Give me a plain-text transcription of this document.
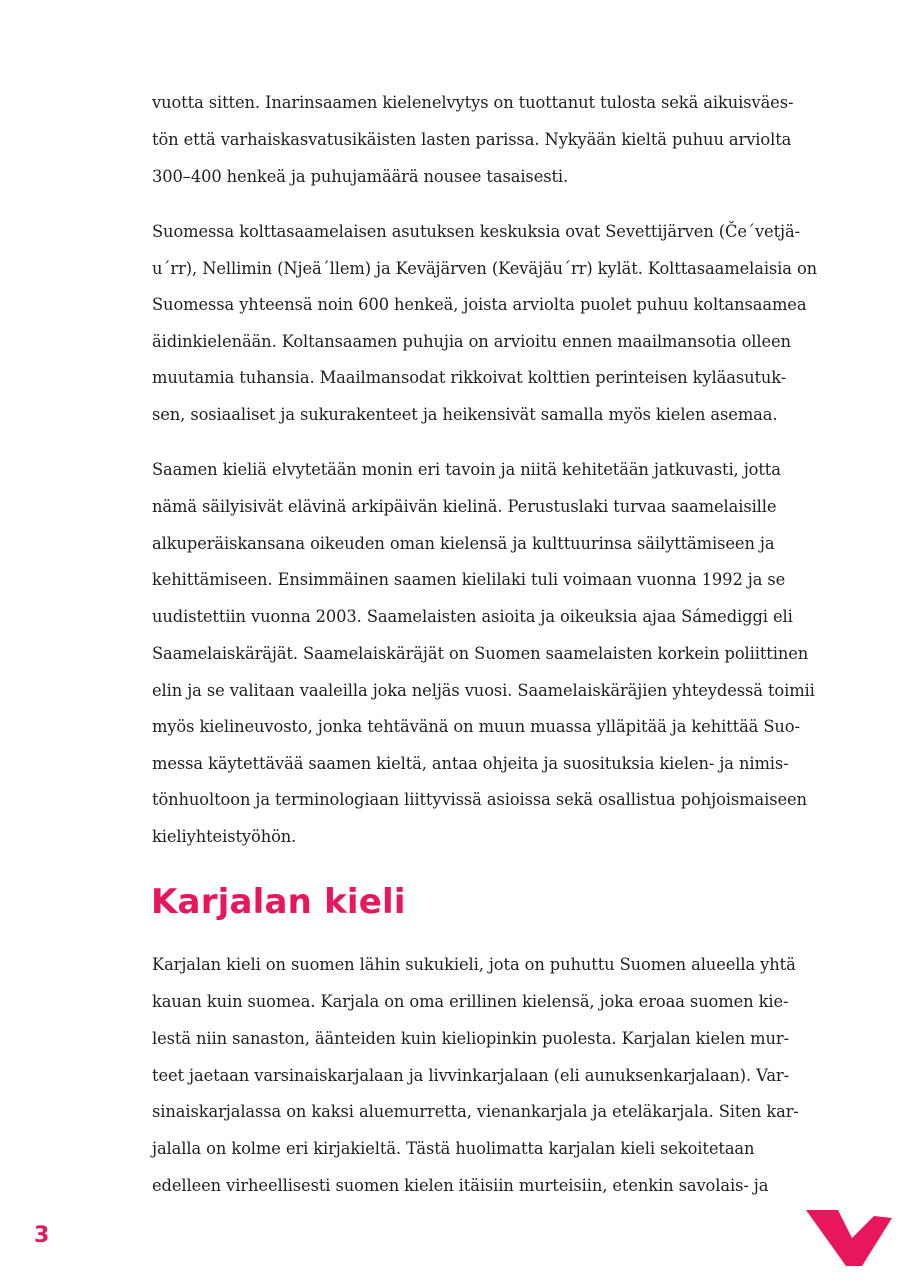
vuotta sitten. Inarinsaamen kielenelvytys on tuottanut tulosta sekä aikuisväes-
tön että varhaiskasvatusikäisten lasten parissa. Nykyään kieltä puhuu arviolta
300–400 henkeä ja puhujamäärä nousee tasaisesti.
Suomessa kolttasaamelaisen asutuksen keskuksia ovat Sevettijärven (Čeˊvetjä-
uˊrr), Nellimin (Njeäˊllem) ja Keväjärven (Keväjäuˊrr) kylät. Kolttasaamelaisia on
Suomessa yhteensä noin 600 henkeä, joista arviolta puolet puhuu koltansaamea
äidinkielenään. Koltansaamen puhujia on arvioitu ennen maailmansotia olleen
muutamia tuhansia. Maailmansodat rikkoivat kolttien perinteisen kyläasutuk-
sen, sosiaaliset ja sukurakenteet ja heikensivät samalla myös kielen asemaa.
Saamen kieliä elvytetään monin eri tavoin ja niitä kehitetään jatkuvasti, jotta
nämä säilyisivät elävinä arkipäivän kielinä. Perustuslaki turvaa saamelaisille
alkuperäiskansana oikeuden oman kielensä ja kulttuurinsa säilyttämiseen ja
kehittämiseen. Ensimmäinen saamen kielilaki tuli voimaan vuonna 1992 ja se
uudistettiin vuonna 2003. Saamelaisten asioita ja oikeuksia ajaa Sámediggi eli
Saamelaiskäräjät. Saamelaiskäräjät on Suomen saamelaisten korkein poliittinen
elin ja se valitaan vaaleilla joka neljäs vuosi. Saamelaiskäräjien yhteydessä toimii
myös kielineuvosto, jonka tehtävänä on muun muassa ylläpitää ja kehittää Suo-
messa käytettävää saamen kieltä, antaa ohjeita ja suosituksia kielen- ja nimis-
tönhuoltoon ja terminologiaan liittyvissä asioissa sekä osallistua pohjoismaiseen
kieliyhteistyöhön.
Karjalan kieli
Karjalan kieli on suomen lähin sukukieli, jota on puhuttu Suomen alueella yhtä
kauan kuin suomea. Karjala on oma erillinen kielensä, joka eroaa suomen kie-
lestä niin sanaston, äänteiden kuin kieliopinkin puolesta. Karjalan kielen mur-
teet jaetaan varsinaiskarjalaan ja livvinkarjalaan (eli aunuksenkarjalaan). Var-
sinaiskarjalassa on kaksi aluemurretta, vienankarjala ja eteläkarjala. Siten kar-
jalalla on kolme eri kirjakieltä. Tästä huolimatta karjalan kieli sekoitetaan
edelleen virheellisesti suomen kielen itäisiin murteisiin, etenkin savolais- ja
3
